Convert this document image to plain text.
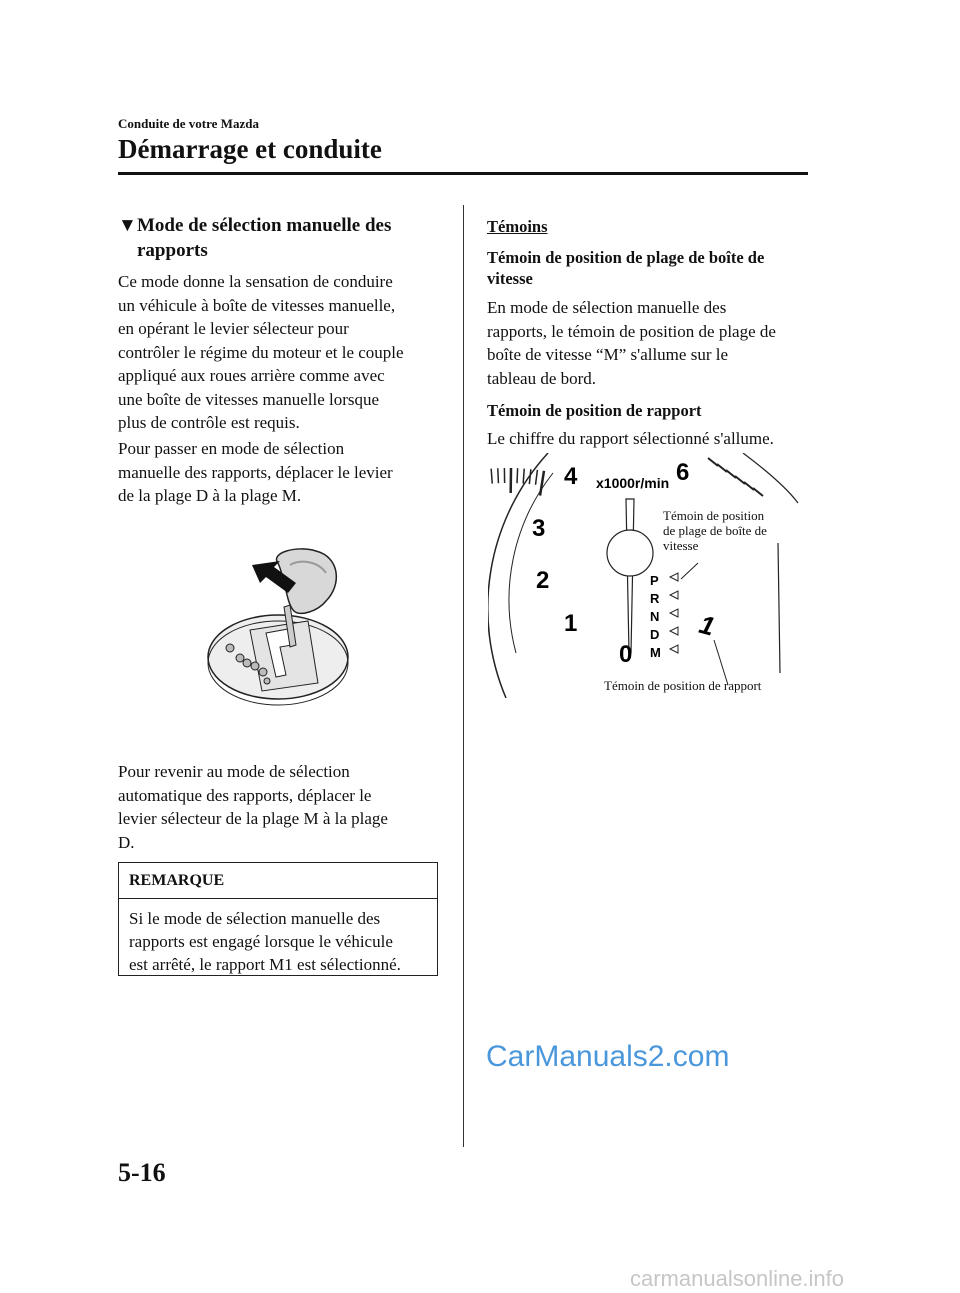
Conduite de votre Mazda
Démarrage et conduite
▼ Mode de sélection manuelle des
rapports
Ce mode donne la sensation de conduire
un véhicule à boîte de vitesses manuelle,
en opérant le levier sélecteur pour
contrôler le régime du moteur et le couple
appliqué aux roues arrière comme avec
une boîte de vitesses manuelle lorsque
plus de contrôle est requis.
Pour passer en mode de sélection
manuelle des rapports, déplacer le levier
de la plage D à la plage M.
Pour revenir au mode de sélection
automatique des rapports, déplacer le
levier sélecteur de la plage M à la plage
D.
REMARQUE
Si le mode de sélection manuelle des
rapports est engagé lorsque le véhicule
est arrêté, le rapport M1 est sélectionné.
Témoins
Témoin de position de plage de boîte de
vitesse
En mode de sélection manuelle des
rapports, le témoin de position de plage de
boîte de vitesse “M” s'allume sur le
tableau de bord.
Témoin de position de rapport
Le chiffre du rapport sélectionné s'allume.
4	6
3
2
1
0
x1000r/min
P
R
N
D
M
1
Témoin de position
de plage de boîte de
vitesse
Témoin de position de rapport
CarManuals2.com
5-16
carmanualsonline.info
